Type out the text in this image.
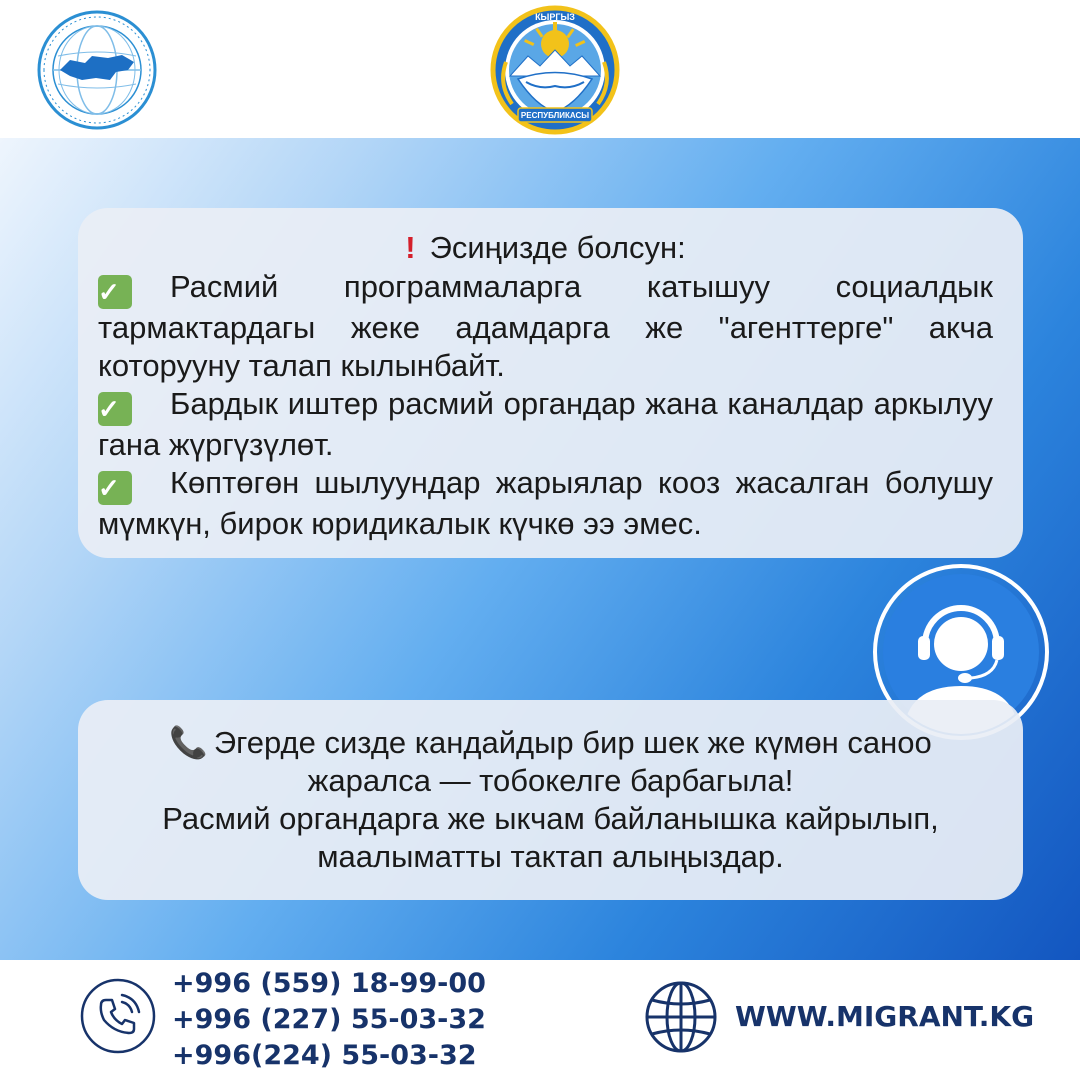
РЕСПУБЛИКАСЫ
КЫРГЫЗ
! Эсиңизде болсун:
✓ Расмий программаларга катышуу социалдык тармактардагы жеке адамдарга же "агенттерге" акча которууну талап кылынбайт.
✓ Бардык иштер расмий органдар жана каналдар аркылуу гана жүргүзүлөт.
✓ Көптөгөн шылуундар жарыялар кооз жасалган болушу мүмкүн, бирок юридикалык күчкө ээ эмес.
📞 Эгерде сизде кандайдыр бир шек же күмөн саноо
жаралса — тобокелге барбагыла!
Расмий органдарга же ыкчам байланышка кайрылып,
маалыматты тактап алыңыздар.
+996 (559) 18-99-00
+996 (227) 55-03-32
+996(224) 55-03-32
WWW.MIGRANT.KG
